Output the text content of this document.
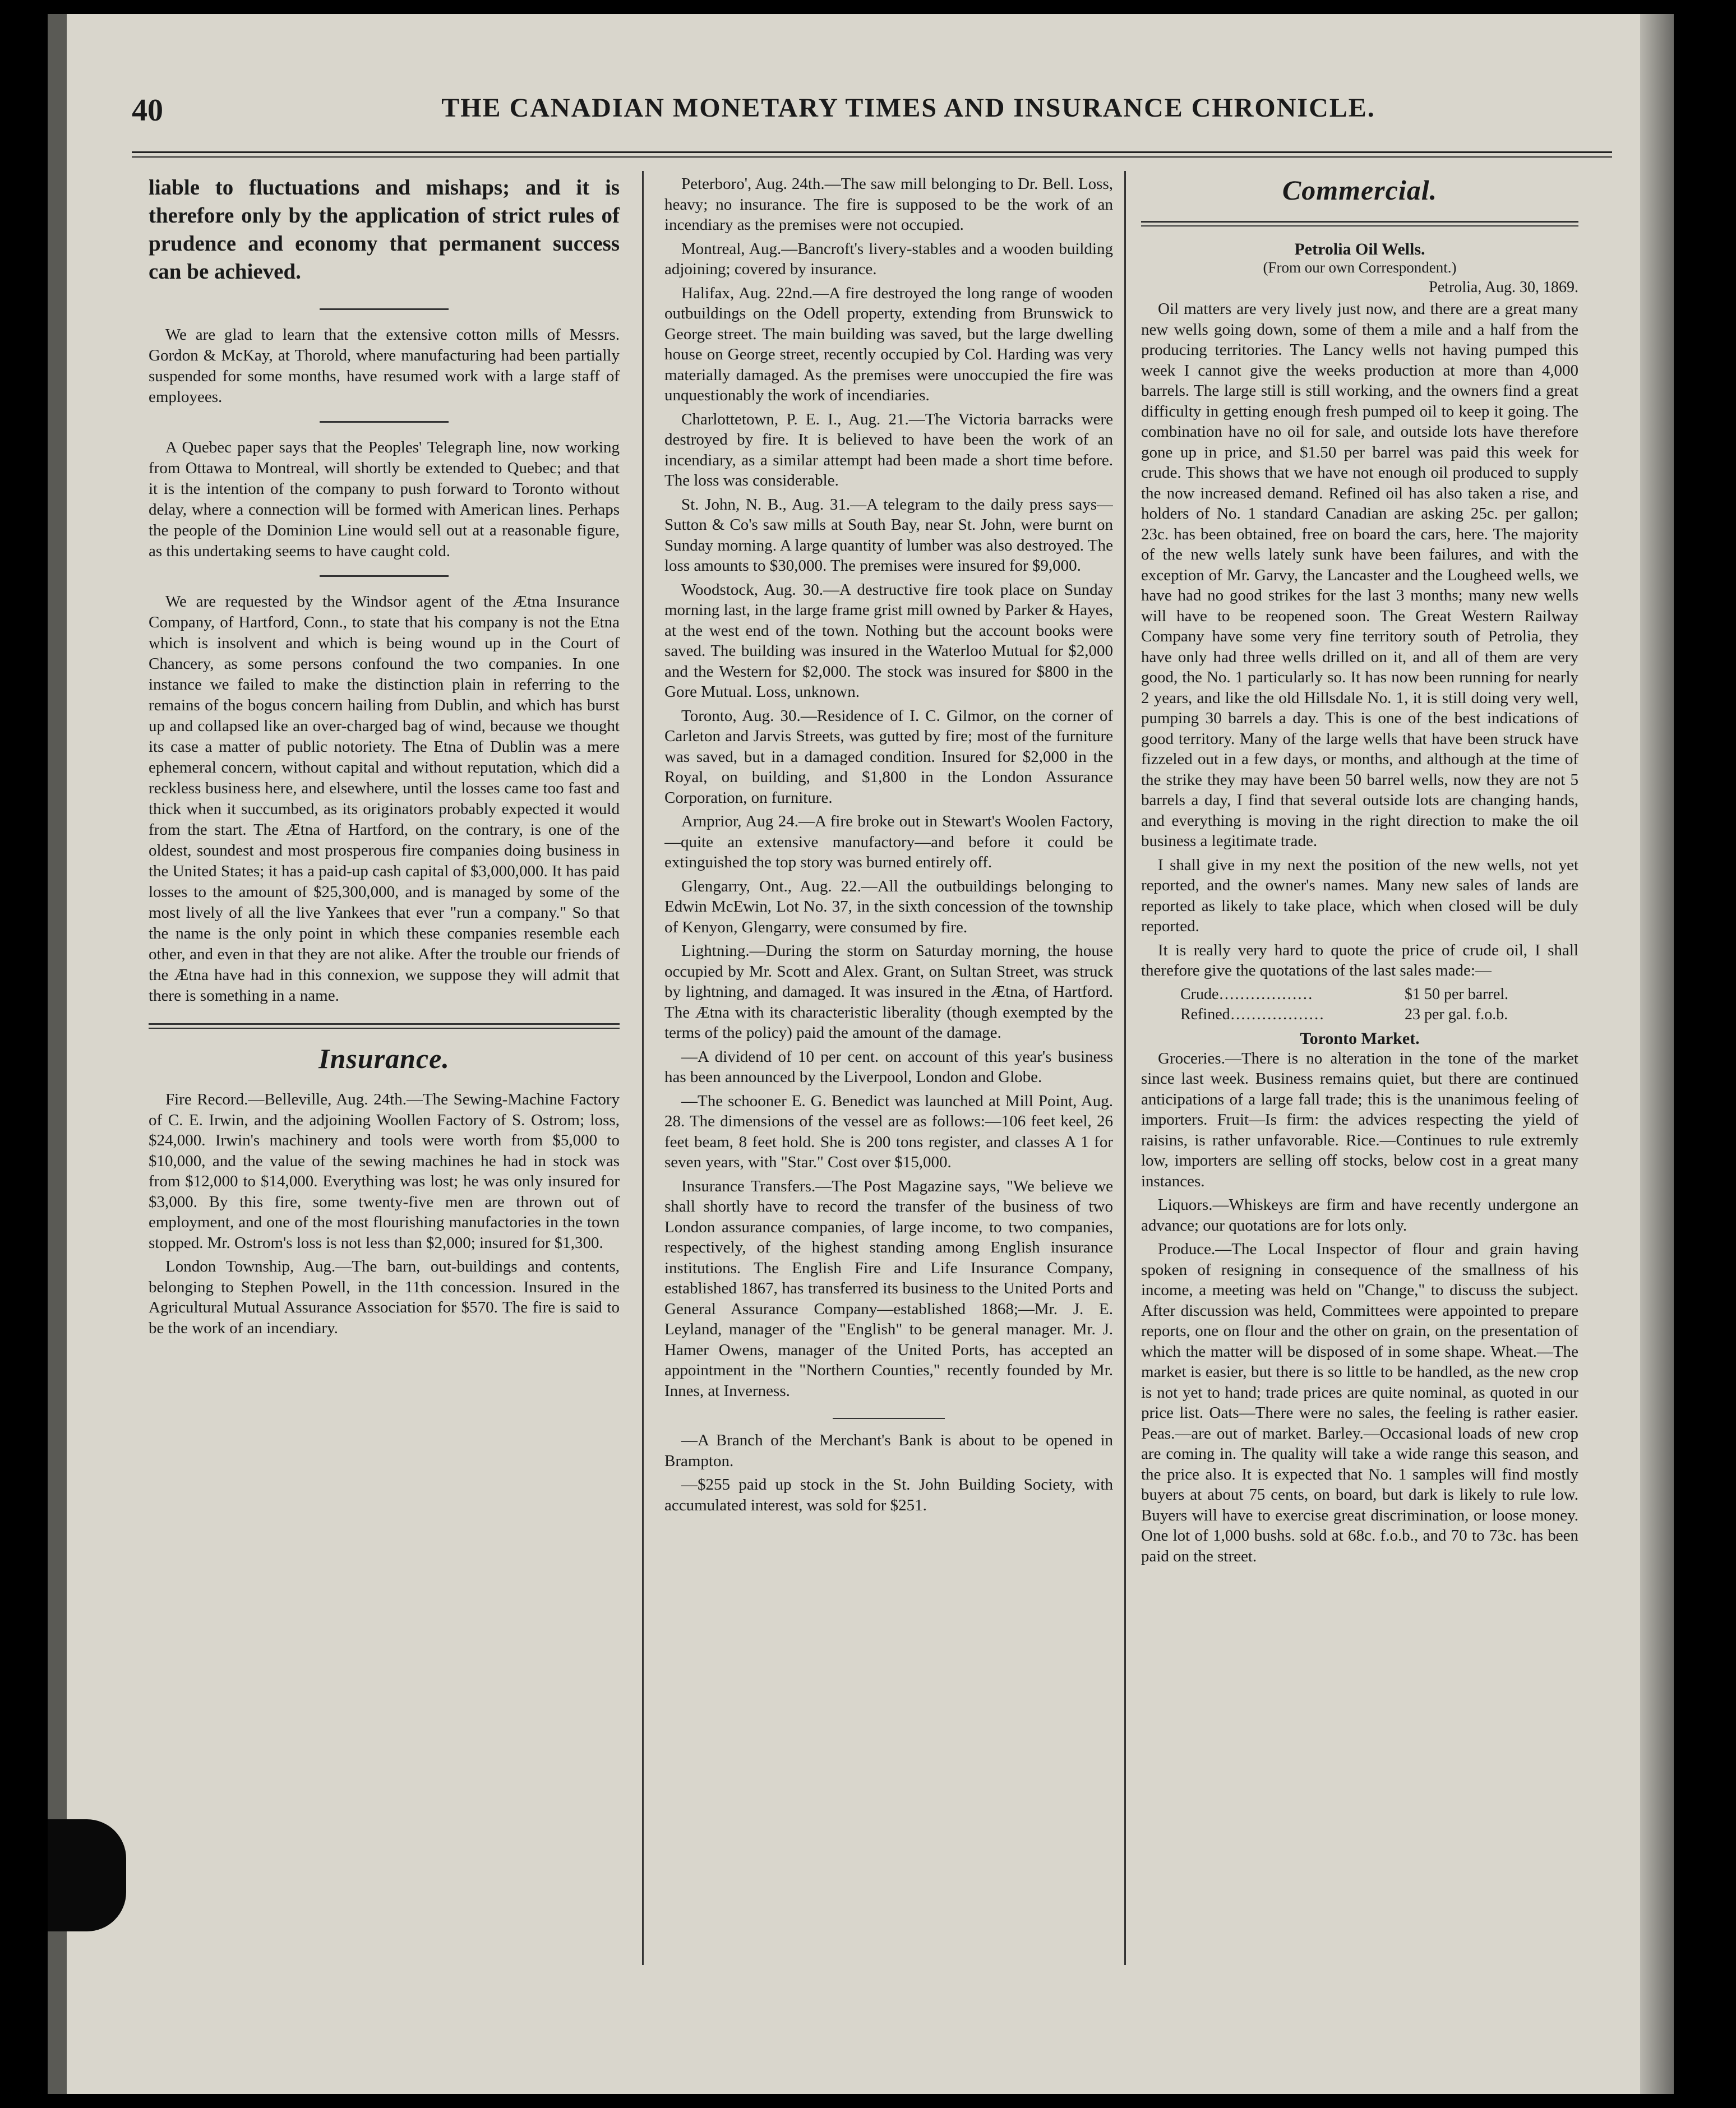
40	THE CANADIAN MONETARY TIMES AND INSURANCE CHRONICLE.

liable to fluctuations and mishaps; and it is therefore only by the application of strict rules of prudence and economy that permanent success can be achieved.

We are glad to learn that the extensive cotton mills of Messrs. Gordon & McKay, at Thorold, where manufacturing had been partially suspended for some months, have resumed work with a large staff of employees.

A Quebec paper says that the Peoples' Telegraph line, now working from Ottawa to Montreal, will shortly be extended to Quebec; and that it is the intention of the company to push forward to Toronto without delay, where a connection will be formed with American lines. Perhaps the people of the Dominion Line would sell out at a reasonable figure, as this undertaking seems to have caught cold.

We are requested by the Windsor agent of the Ætna Insurance Company, of Hartford, Conn., to state that his company is not the Etna which is insolvent and which is being wound up in the Court of Chancery, as some persons confound the two companies. In one instance we failed to make the distinction plain in referring to the remains of the bogus concern hailing from Dublin, and which has burst up and collapsed like an over-charged bag of wind, because we thought its case a matter of public notoriety. The Etna of Dublin was a mere ephemeral concern, without capital and without reputation, which did a reckless business here, and elsewhere, until the losses came too fast and thick when it succumbed, as its originators probably expected it would from the start. The Ætna of Hartford, on the contrary, is one of the oldest, soundest and most prosperous fire companies doing business in the United States; it has a paid-up cash capital of $3,000,000. It has paid losses to the amount of $25,300,000, and is managed by some of the most lively of all the live Yankees that ever "run a company." So that the name is the only point in which these companies resemble each other, and even in that they are not alike. After the trouble our friends of the Ætna have had in this connexion, we suppose they will admit that there is something in a name.

Insurance.

Fire Record.—Belleville, Aug. 24th.—The Sewing-Machine Factory of C. E. Irwin, and the adjoining Woollen Factory of S. Ostrom; loss, $24,000. Irwin's machinery and tools were worth from $5,000 to $10,000, and the value of the sewing machines he had in stock was from $12,000 to $14,000. Everything was lost; he was only insured for $3,000. By this fire, some twenty-five men are thrown out of employment, and one of the most flourishing manufactories in the town stopped. Mr. Ostrom's loss is not less than $2,000; insured for $1,300.

London Township, Aug.—The barn, out-buildings and contents, belonging to Stephen Powell, in the 11th concession. Insured in the Agricultural Mutual Assurance Association for $570. The fire is said to be the work of an incendiary.

Peterboro', Aug. 24th.—The saw mill belonging to Dr. Bell. Loss, heavy; no insurance. The fire is supposed to be the work of an incendiary as the premises were not occupied.

Montreal, Aug.—Bancroft's livery-stables and a wooden building adjoining; covered by insurance.

Halifax, Aug. 22nd.—A fire destroyed the long range of wooden outbuildings on the Odell property, extending from Brunswick to George street. The main building was saved, but the large dwelling house on George street, recently occupied by Col. Harding was very materially damaged. As the premises were unoccupied the fire was unquestionably the work of incendiaries.

Charlottetown, P. E. I., Aug. 21.—The Victoria barracks were destroyed by fire. It is believed to have been the work of an incendiary, as a similar attempt had been made a short time before. The loss was considerable.

St. John, N. B., Aug. 31.—A telegram to the daily press says—Sutton & Co's saw mills at South Bay, near St. John, were burnt on Sunday morning. A large quantity of lumber was also destroyed. The loss amounts to $30,000. The premises were insured for $9,000.

Woodstock, Aug. 30.—A destructive fire took place on Sunday morning last, in the large frame grist mill owned by Parker & Hayes, at the west end of the town. Nothing but the account books were saved. The building was insured in the Waterloo Mutual for $2,000 and the Western for $2,000. The stock was insured for $800 in the Gore Mutual. Loss, unknown.

Toronto, Aug. 30.—Residence of I. C. Gilmor, on the corner of Carleton and Jarvis Streets, was gutted by fire; most of the furniture was saved, but in a damaged condition. Insured for $2,000 in the Royal, on building, and $1,800 in the London Assurance Corporation, on furniture.

Arnprior, Aug 24.—A fire broke out in Stewart's Woolen Factory,—quite an extensive manufactory—and before it could be extinguished the top story was burned entirely off.

Glengarry, Ont., Aug. 22.—All the outbuildings belonging to Edwin McEwin, Lot No. 37, in the sixth concession of the township of Kenyon, Glengarry, were consumed by fire.

Lightning.—During the storm on Saturday morning, the house occupied by Mr. Scott and Alex. Grant, on Sultan Street, was struck by lightning, and damaged. It was insured in the Ætna, of Hartford. The Ætna with its characteristic liberality (though exempted by the terms of the policy) paid the amount of the damage.

—A dividend of 10 per cent. on account of this year's business has been announced by the Liverpool, London and Globe.

—The schooner E. G. Benedict was launched at Mill Point, Aug. 28. The dimensions of the vessel are as follows:—106 feet keel, 26 feet beam, 8 feet hold. She is 200 tons register, and classes A 1 for seven years, with "Star." Cost over $15,000.

Insurance Transfers.—The Post Magazine says, "We believe we shall shortly have to record the transfer of the business of two London assurance companies, of large income, to two companies, respectively, of the highest standing among English insurance institutions. The English Fire and Life Insurance Company, established 1867, has transferred its business to the United Ports and General Assurance Company—established 1868;—Mr. J. E. Leyland, manager of the "English" to be general manager. Mr. J. Hamer Owens, manager of the United Ports, has accepted an appointment in the "Northern Counties," recently founded by Mr. Innes, at Inverness.

—A Branch of the Merchant's Bank is about to be opened in Brampton.

—$255 paid up stock in the St. John Building Society, with accumulated interest, was sold for $251.

Commercial.
Petrolia Oil Wells.
(From our own Correspondent.)
Petrolia, Aug. 30, 1869.

Oil matters are very lively just now, and there are a great many new wells going down, some of them a mile and a half from the producing territories. The Lancy wells not having pumped this week I cannot give the weeks production at more than 4,000 barrels. The large still is still working, and the owners find a great difficulty in getting enough fresh pumped oil to keep it going. The combination have no oil for sale, and outside lots have therefore gone up in price, and $1.50 per barrel was paid this week for crude. This shows that we have not enough oil produced to supply the now increased demand. Refined oil has also taken a rise, and holders of No. 1 standard Canadian are asking 25c. per gallon; 23c. has been obtained, free on board the cars, here. The majority of the new wells lately sunk have been failures, and with the exception of Mr. Garvy, the Lancaster and the Lougheed wells, we have had no good strikes for the last 3 months; many new wells will have to be reopened soon. The Great Western Railway Company have some very fine territory south of Petrolia, they have only had three wells drilled on it, and all of them are very good, the No. 1 particularly so. It has now been running for nearly 2 years, and like the old Hillsdale No. 1, it is still doing very well, pumping 30 barrels a day. This is one of the best indications of good territory. Many of the large wells that have been struck have fizzeled out in a few days, or months, and although at the time of the strike they may have been 50 barrel wells, now they are not 5 barrels a day, I find that several outside lots are changing hands, and everything is moving in the right direction to make the oil business a legitimate trade.

I shall give in my next the position of the new wells, not yet reported, and the owner's names. Many new sales of lands are reported as likely to take place, which when closed will be duly reported.

It is really very hard to quote the price of crude oil, I shall therefore give the quotations of the last sales made:—

Crude………………	$1 50 per barrel.
Refined………………	23 per gal. f.o.b.
Toronto Market.

Groceries.—There is no alteration in the tone of the market since last week. Business remains quiet, but there are continued anticipations of a large fall trade; this is the unanimous feeling of importers. Fruit—Is firm: the advices respecting the yield of raisins, is rather unfavorable. Rice.—Continues to rule extremly low, importers are selling off stocks, below cost in a great many instances.

Liquors.—Whiskeys are firm and have recently undergone an advance; our quotations are for lots only.

Produce.—The Local Inspector of flour and grain having spoken of resigning in consequence of the smallness of his income, a meeting was held on "Change," to discuss the subject. After discussion was held, Committees were appointed to prepare reports, one on flour and the other on grain, on the presentation of which the matter will be disposed of in some shape. Wheat.—The market is easier, but there is so little to be handled, as the new crop is not yet to hand; trade prices are quite nominal, as quoted in our price list. Oats—There were no sales, the feeling is rather easier. Peas.—are out of market. Barley.—Occasional loads of new crop are coming in. The quality will take a wide range this season, and the price also. It is expected that No. 1 samples will find mostly buyers at about 75 cents, on board, but dark is likely to rule low. Buyers will have to exercise great discrimination, or loose money. One lot of 1,000 bushs. sold at 68c. f.o.b., and 70 to 73c. has been paid on the street.
